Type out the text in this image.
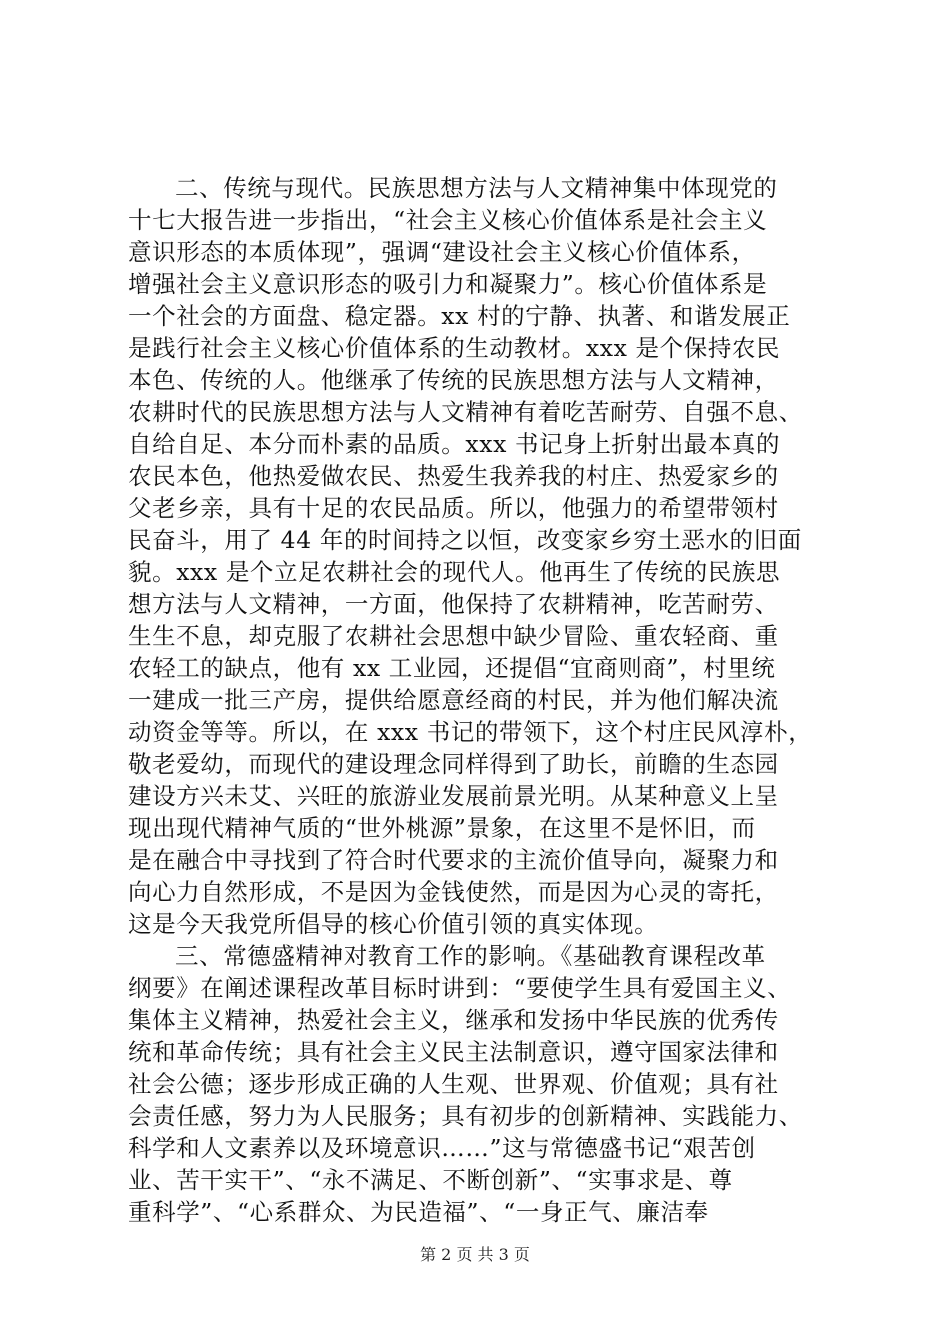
二、传统与现代。民族思想方法与人文精神集中体现党的
十七大报告进一步指出，“社会主义核心价值体系是社会主义
意识形态的本质体现”，强调“建设社会主义核心价值体系，
增强社会主义意识形态的吸引力和凝聚力”。核心价值体系是
一个社会的方面盘、稳定器。xx 村的宁静、执著、和谐发展正
是践行社会主义核心价值体系的生动教材。xxx 是个保持农民
本色、传统的人。他继承了传统的民族思想方法与人文精神，
农耕时代的民族思想方法与人文精神有着吃苦耐劳、自强不息、
自给自足、本分而朴素的品质。xxx 书记身上折射出最本真的
农民本色，他热爱做农民、热爱生我养我的村庄、热爱家乡的
父老乡亲，具有十足的农民品质。所以，他强力的希望带领村
民奋斗，用了 44 年的时间持之以恒，改变家乡穷土恶水的旧面
貌。xxx 是个立足农耕社会的现代人。他再生了传统的民族思
想方法与人文精神，一方面，他保持了农耕精神，吃苦耐劳、
生生不息，却克服了农耕社会思想中缺少冒险、重农轻商、重
农轻工的缺点，他有 xx 工业园，还提倡“宜商则商”，村里统
一建成一批三产房，提供给愿意经商的村民，并为他们解决流
动资金等等。所以，在 xxx 书记的带领下，这个村庄民风淳朴，
敬老爱幼，而现代的建设理念同样得到了助长，前瞻的生态园
建设方兴未艾、兴旺的旅游业发展前景光明。从某种意义上呈
现出现代精神气质的“世外桃源”景象，在这里不是怀旧，而
是在融合中寻找到了符合时代要求的主流价值导向，凝聚力和
向心力自然形成，不是因为金钱使然，而是因为心灵的寄托，
这是今天我党所倡导的核心价值引领的真实体现。
三、常德盛精神对教育工作的影响。《基础教育课程改革
纲要》在阐述课程改革目标时讲到：“要使学生具有爱国主义、
集体主义精神，热爱社会主义，继承和发扬中华民族的优秀传
统和革命传统；具有社会主义民主法制意识，遵守国家法律和
社会公德；逐步形成正确的人生观、世界观、价值观；具有社
会责任感，努力为人民服务；具有初步的创新精神、实践能力、
科学和人文素养以及环境意识……”这与常德盛书记“艰苦创
业、苦干实干”、“永不满足、不断创新”、“实事求是、尊
重科学”、“心系群众、为民造福”、“一身正气、廉洁奉
第 2 页 共 3 页
